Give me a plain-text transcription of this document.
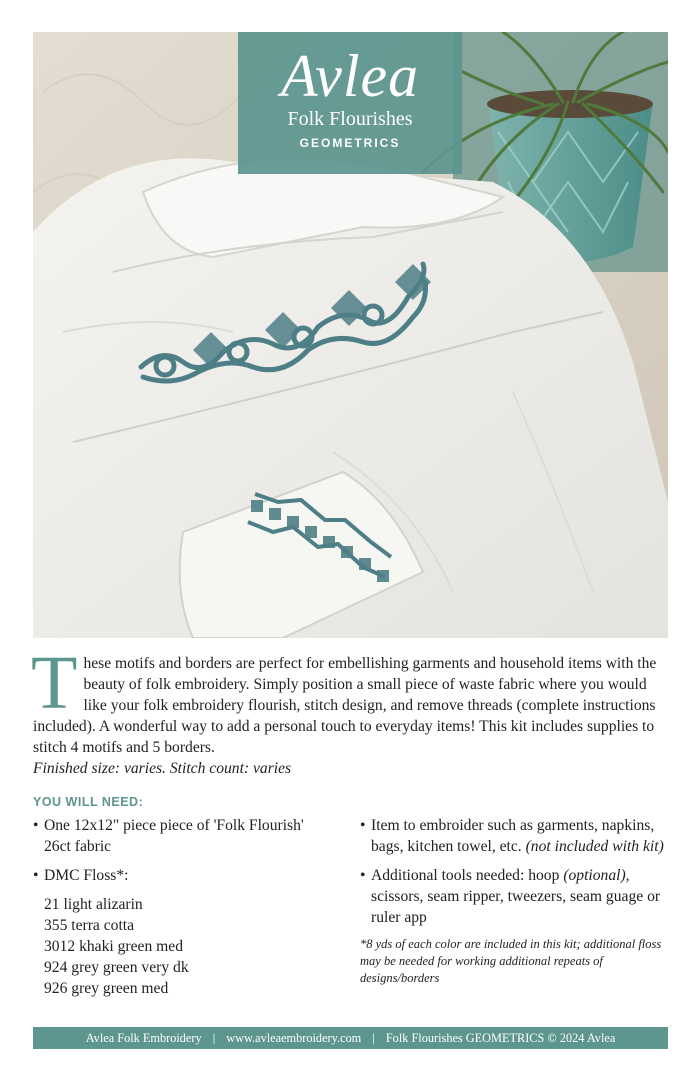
Avlea
Folk Flourishes
GEOMETRICS
T hese motifs and borders are perfect for embellishing garments and household items with the beauty of folk embroidery. Simply position a small piece of waste fabric where you would like your folk embroidery flourish, stitch design, and remove threads (complete instructions included). A wonderful way to add a personal touch to everyday items! This kit includes supplies to stitch 4 motifs and 5 borders.
Finished size: varies. Stitch count: varies
YOU WILL NEED:
• One 12x12" piece piece of 'Folk Flourish' 26ct fabric
• DMC Floss*:
21 light alizarin
355 terra cotta
3012 khaki green med
924 grey green very dk
926 grey green med
• Item to embroider such as garments, napkins, bags, kitchen towel, etc. (not included with kit)
• Additional tools needed: hoop (optional), scissors, seam ripper, tweezers, seam guage or ruler app
*8 yds of each color are included in this kit; additional floss may be needed for working additional repeats of designs/borders
Avlea Folk Embroidery | www.avleaembroidery.com | Folk Flourishes GEOMETRICS © 2024 Avlea
